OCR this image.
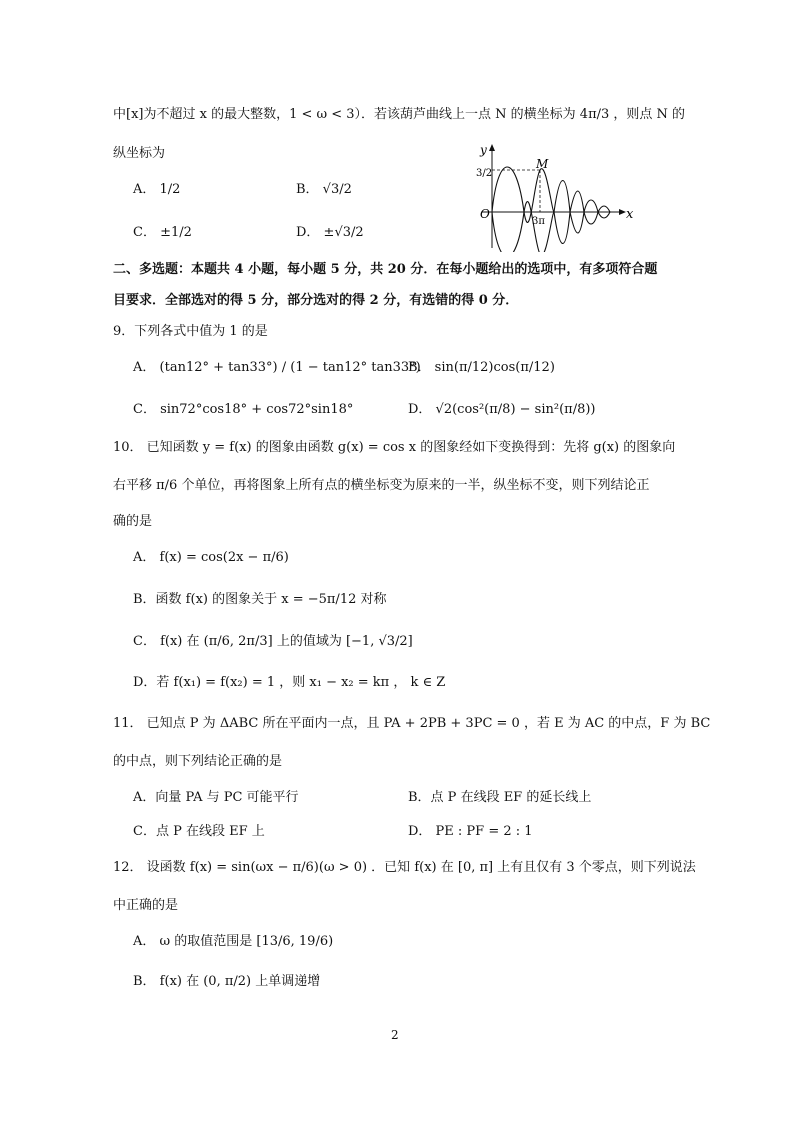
中[x]为不超过 x 的最大整数，1 < ω < 3）．若该葫芦曲线上一点 N 的横坐标为 4π/3 ，则点 N 的
纵坐标为
A． 1/2	B． √3/2
C． ±1/2	D． ±√3/2
y
x
O
M
3/2
3π
二、多选题：本题共 4 小题，每小题 5 分，共 20 分．在每小题给出的选项中，有多项符合题
目要求．全部选对的得 5 分，部分选对的得 2 分，有选错的得 0 分．
9．下列各式中值为 1 的是
A． (tan12° + tan33°) / (1 − tan12° tan33°)
B． sin(π/12)cos(π/12)
C． sin72°cos18° + cos72°sin18°	D． √2(cos²(π/8) − sin²(π/8))
10． 已知函数 y = f(x) 的图象由函数 g(x) = cos x 的图象经如下变换得到：先将 g(x) 的图象向
右平移 π/6 个单位，再将图象上所有点的横坐标变为原来的一半，纵坐标不变，则下列结论正
确的是
A． f(x) = cos(2x − π/6)
B．函数 f(x) 的图象关于 x = −5π/12 对称
C． f(x) 在 (π/6, 2π/3] 上的值域为 [−1, √3/2]
D．若 f(x₁) = f(x₂) = 1 ，则 x₁ − x₂ = kπ ， k ∈ Z
11． 已知点 P 为 ΔABC 所在平面内一点，且 PA + 2PB + 3PC = 0 ，若 E 为 AC 的中点，F 为 BC
的中点，则下列结论正确的是
A．向量 PA 与 PC 可能平行	B．点 P 在线段 EF 的延长线上
C．点 P 在线段 EF 上	D． PE : PF = 2 : 1
12． 设函数 f(x) = sin(ωx − π/6)(ω > 0) ．已知 f(x) 在 [0, π] 上有且仅有 3 个零点，则下列说法
中正确的是
A． ω 的取值范围是 [13/6, 19/6)
B． f(x) 在 (0, π/2) 上单调递增
2
